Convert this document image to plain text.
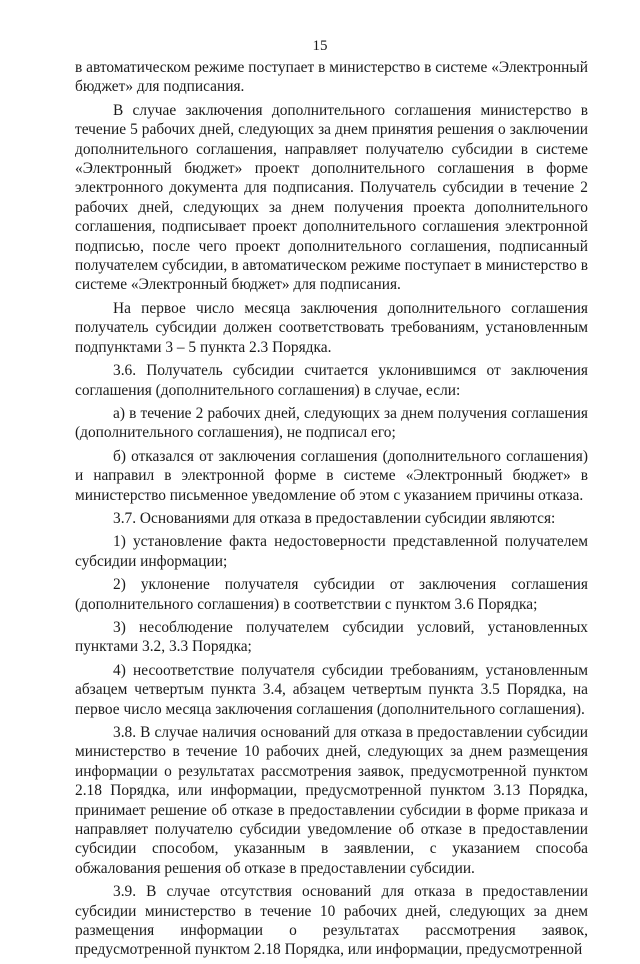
15

в автоматическом режиме поступает в министерство в системе «Электронный бюджет» для подписания.

В случае заключения дополнительного соглашения министерство в течение 5 рабочих дней, следующих за днем принятия решения о заключении дополнительного соглашения, направляет получателю субсидии в системе «Электронный бюджет» проект дополнительного соглашения в форме электронного документа для подписания. Получатель субсидии в течение 2 рабочих дней, следующих за днем получения проекта дополнительного соглашения, подписывает проект дополнительного соглашения электронной подписью, после чего проект дополнительного соглашения, подписанный получателем субсидии, в автоматическом режиме поступает в министерство в системе «Электронный бюджет» для подписания.

На первое число месяца заключения дополнительного соглашения получатель субсидии должен соответствовать требованиям, установленным подпунктами 3 – 5 пункта 2.3 Порядка.

3.6. Получатель субсидии считается уклонившимся от заключения соглашения (дополнительного соглашения) в случае, если:

а) в течение 2 рабочих дней, следующих за днем получения соглашения (дополнительного соглашения), не подписал его;

б) отказался от заключения соглашения (дополнительного соглашения) и направил в электронной форме в системе «Электронный бюджет» в министерство письменное уведомление об этом с указанием причины отказа.

3.7. Основаниями для отказа в предоставлении субсидии являются:

1) установление факта недостоверности представленной получателем субсидии информации;

2) уклонение получателя субсидии от заключения соглашения (дополнительного соглашения) в соответствии с пунктом 3.6 Порядка;

3) несоблюдение получателем субсидии условий, установленных пунктами 3.2, 3.3 Порядка;

4) несоответствие получателя субсидии требованиям, установленным абзацем четвертым пункта 3.4, абзацем четвертым пункта 3.5 Порядка, на первое число месяца заключения соглашения (дополнительного соглашения).

3.8. В случае наличия оснований для отказа в предоставлении субсидии министерство в течение 10 рабочих дней, следующих за днем размещения информации о результатах рассмотрения заявок, предусмотренной пунктом 2.18 Порядка, или информации, предусмотренной пунктом 3.13 Порядка, принимает решение об отказе в предоставлении субсидии в форме приказа и направляет получателю субсидии уведомление об отказе в предоставлении субсидии способом, указанным в заявлении, с указанием способа обжалования решения об отказе в предоставлении субсидии.

3.9. В случае отсутствия оснований для отказа в предоставлении субсидии министерство в течение 10 рабочих дней, следующих за днем размещения информации о результатах рассмотрения заявок, предусмотренной пунктом 2.18 Порядка, или информации, предусмотренной
